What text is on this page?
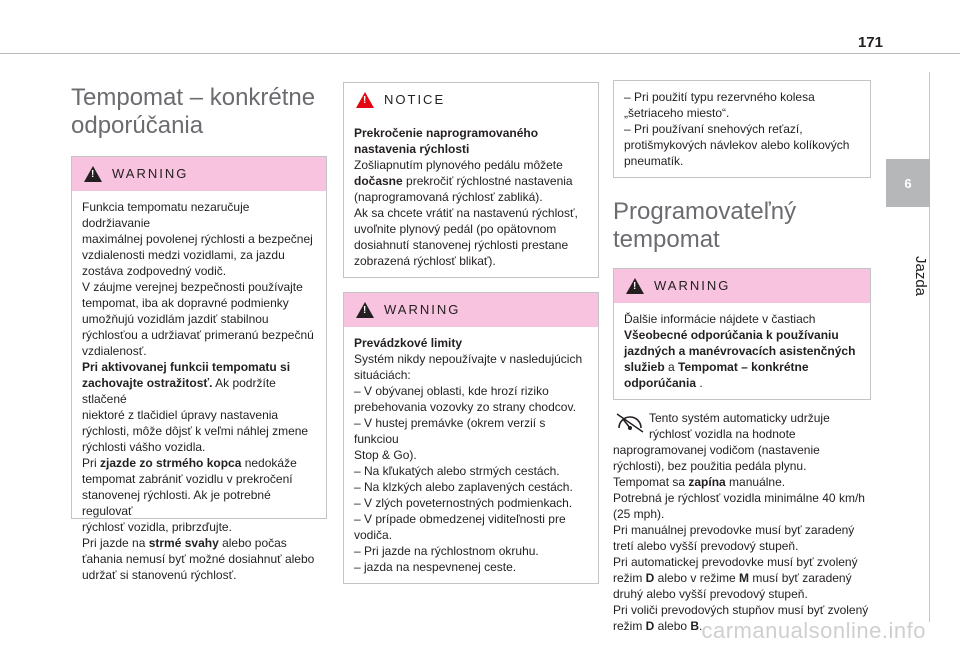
171
6
Jazda
Tempomat – konkrétne
odporúčania
!
WARNING

Funkcia tempomatu nezaručuje dodržiavanie

maximálnej povolenej rýchlosti a bezpečnej

vzdialenosti medzi vozidlami, za jazdu

zostáva zodpovedný vodič.

V záujme verejnej bezpečnosti používajte

tempomat, iba ak dopravné podmienky

umožňujú vozidlám jazdiť stabilnou

rýchlosťou a udržiavať primeranú bezpečnú

vzdialenosť.

Pri aktivovanej funkcii tempomatu si

zachovajte ostražitosť. Ak podržíte stlačené

niektoré z tlačidiel úpravy nastavenia

rýchlosti, môže dôjsť k veľmi náhlej zmene

rýchlosti vášho vozidla.

Pri zjazde zo strmého kopca nedokáže

tempomat zabrániť vozidlu v prekročení

stanovenej rýchlosti. Ak je potrebné regulovať

rýchlosť vozidla, pribrzďujte.

Pri jazde na strmé svahy alebo počas

ťahania nemusí byť možné dosiahnuť alebo

udržať si stanovenú rýchlosť.

!
NOTICE

Prekročenie naprogramovaného

nastavenia rýchlosti

Zošliapnutím plynového pedálu môžete

dočasne prekročiť rýchlostné nastavenia

(naprogramovaná rýchlosť zabliká).

Ak sa chcete vrátiť na nastavenú rýchlosť,

uvoľnite plynový pedál (po opätovnom

dosiahnutí stanovenej rýchlosti prestane

zobrazená rýchlosť blikať).

!
WARNING

Prevádzkové limity

Systém nikdy nepoužívajte v nasledujúcich

situáciách:

– V obývanej oblasti, kde hrozí riziko

prebehovania vozovky zo strany chodcov.

– V hustej premávke (okrem verzií s funkciou

Stop & Go).

– Na kľukatých alebo strmých cestách.

– Na klzkých alebo zaplavených cestách.

– V zlých poveternostných podmienkach.

– V prípade obmedzenej viditeľnosti pre

vodiča.

– Pri jazde na rýchlostnom okruhu.

– jazda na nespevnenej ceste.

– Pri použití typu rezervného kolesa

„šetriaceho miesto“.

– Pri používaní snehových reťazí,

protišmykových návlekov alebo kolíkových

pneumatík.

Programovateľný
tempomat
!
WARNING

Ďalšie informácie nájdete v častiach

Všeobecné odporúčania k používaniu

jazdných a manévrovacích asistenčných

služieb a Tempomat – konkrétne

odporúčania .

Tento systém automaticky udržuje

rýchlosť vozidla na hodnote

naprogramovanej vodičom (nastavenie

rýchlosti), bez použitia pedála plynu.

Tempomat sa zapína manuálne.

Potrebná je rýchlosť vozidla minimálne 40 km/h

(25 mph).

Pri manuálnej prevodovke musí byť zaradený

tretí alebo vyšší prevodový stupeň.

Pri automatickej prevodovke musí byť zvolený

režim D alebo v režime M musí byť zaradený

druhý alebo vyšší prevodový stupeň.

Pri voliči prevodových stupňov musí byť zvolený

režim D alebo B. carmanualsonline.info
